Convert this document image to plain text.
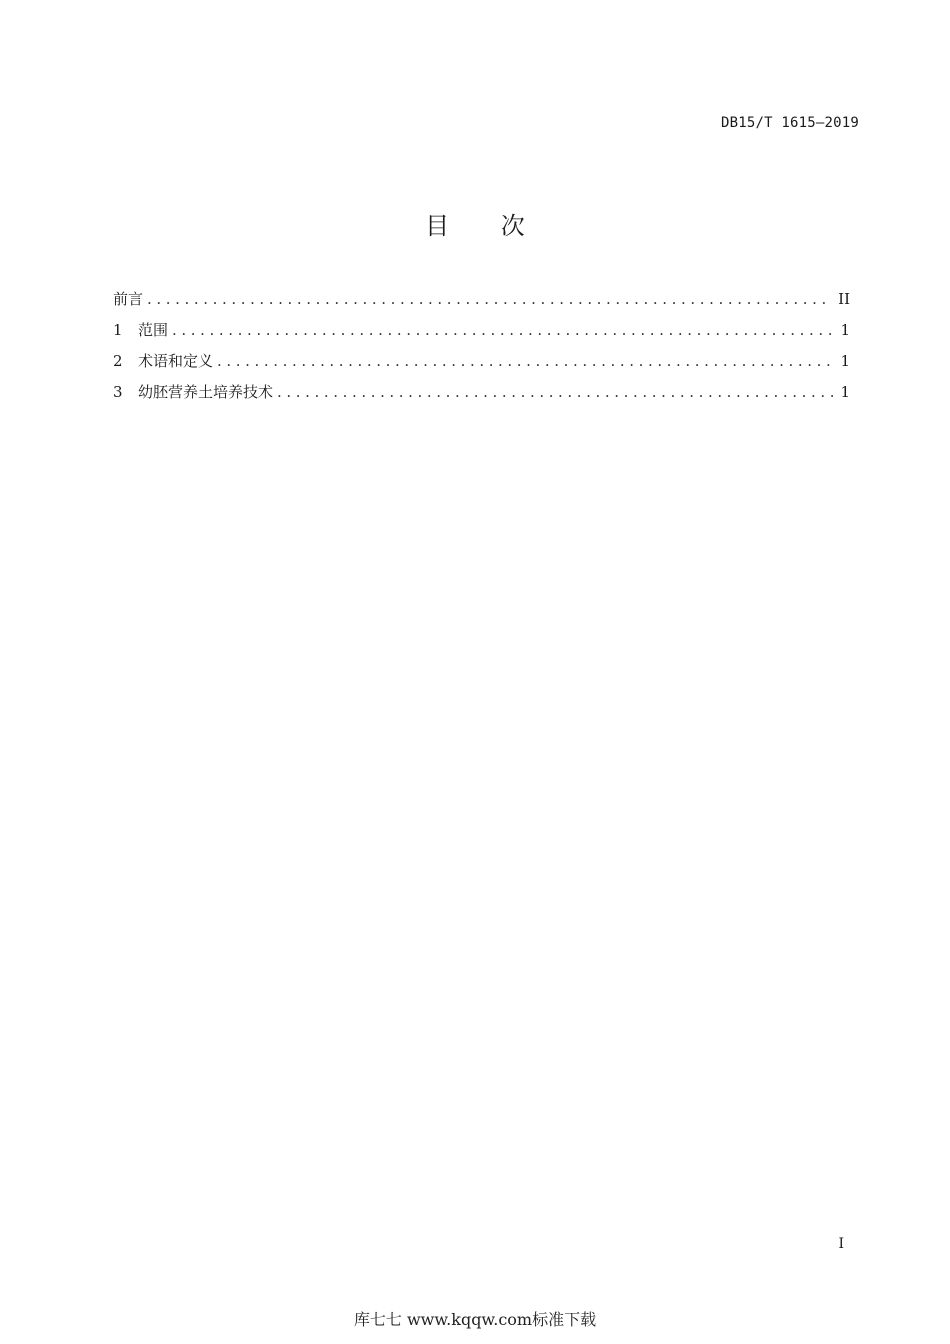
DB15/T 1615—2019
目 次
前言 .....	II
1	范围 .....	1
2	术语和定义 .....	1
3	幼胚营养土培养技术 .....	1
I
库七七 www.kqqw.com标准下载
